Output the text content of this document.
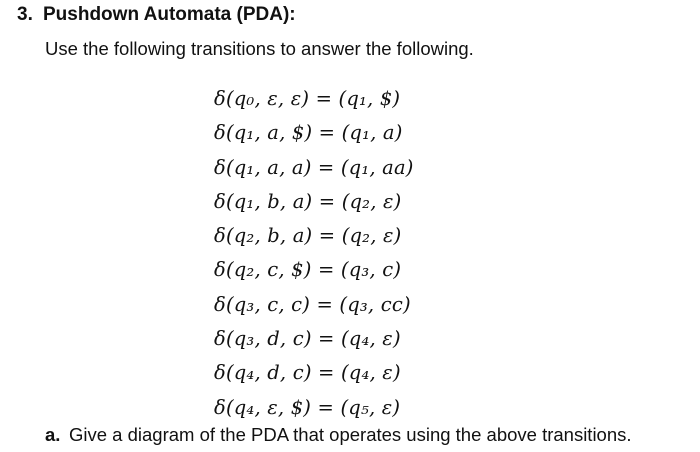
3. Pushdown Automata (PDA):
Use the following transitions to answer the following.
δ(q₀, ε, ε) = (q₁, $)
δ(q₁, a, $) = (q₁, a)
δ(q₁, a, a) = (q₁, aa)
δ(q₁, b, a) = (q₂, ε)
δ(q₂, b, a) = (q₂, ε)
δ(q₂, c, $) = (q₃, c)
δ(q₃, c, c) = (q₃, cc)
δ(q₃, d, c) = (q₄, ε)
δ(q₄, d, c) = (q₄, ε)
δ(q₄, ε, $) = (q₅, ε)
a. Give a diagram of the PDA that operates using the above transitions.
